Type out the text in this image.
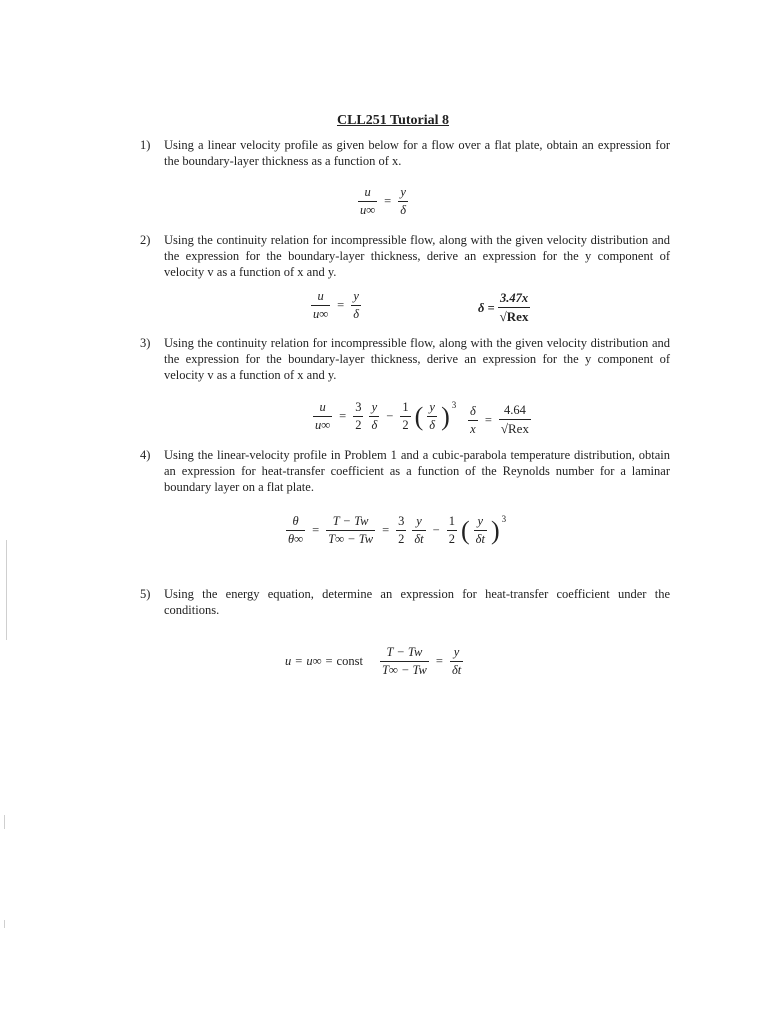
CLL251 Tutorial 8
1)	Using a linear velocity profile as given below for a flow over a flat plate, obtain an expression for the boundary-layer thickness as a function of x.
$\frac{u}{u\infty} = \frac{y}{\delta}$
2)	Using the continuity relation for incompressible flow, along with the given velocity distribution and the expression for the boundary-layer thickness, derive an expression for the y component of velocity v as a function of x and y.
$\frac{u}{u\infty} = \frac{y}{\delta}$	$\delta = \frac{3.47x}{\text{√Rex}}$
3)	Using the continuity relation for incompressible flow, along with the given velocity distribution and the expression for the boundary-layer thickness, derive an expression for the y component of velocity v as a function of x and y.
$\frac{u}{u\infty} = \frac{3}{2} \frac{y}{\delta} - \frac{1}{2}$ ( $\frac{y}{\delta}$ ) $3 \frac{\delta}{x} = \frac{4.64}{\text{√Rex}}$
4)	Using the linear-velocity profile in Problem 1 and a cubic-parabola temperature distribution, obtain an expression for heat-transfer coefficient as a function of the Reynolds number for a laminar boundary layer on a flat plate.
$\frac{\theta}{\theta\infty} = \frac{T - Tw}{T\infty - Tw} = \frac{3}{2} \frac{y}{\delta t} - \frac{1}{2}$ ( $\frac{y}{\delta t}$ ) 3
5)	Using the energy equation, determine an expression for heat-transfer coefficient under the conditions.
u = u∞ = const $\frac{T - Tw}{T\infty - Tw} = \frac{y}{\delta t}$
